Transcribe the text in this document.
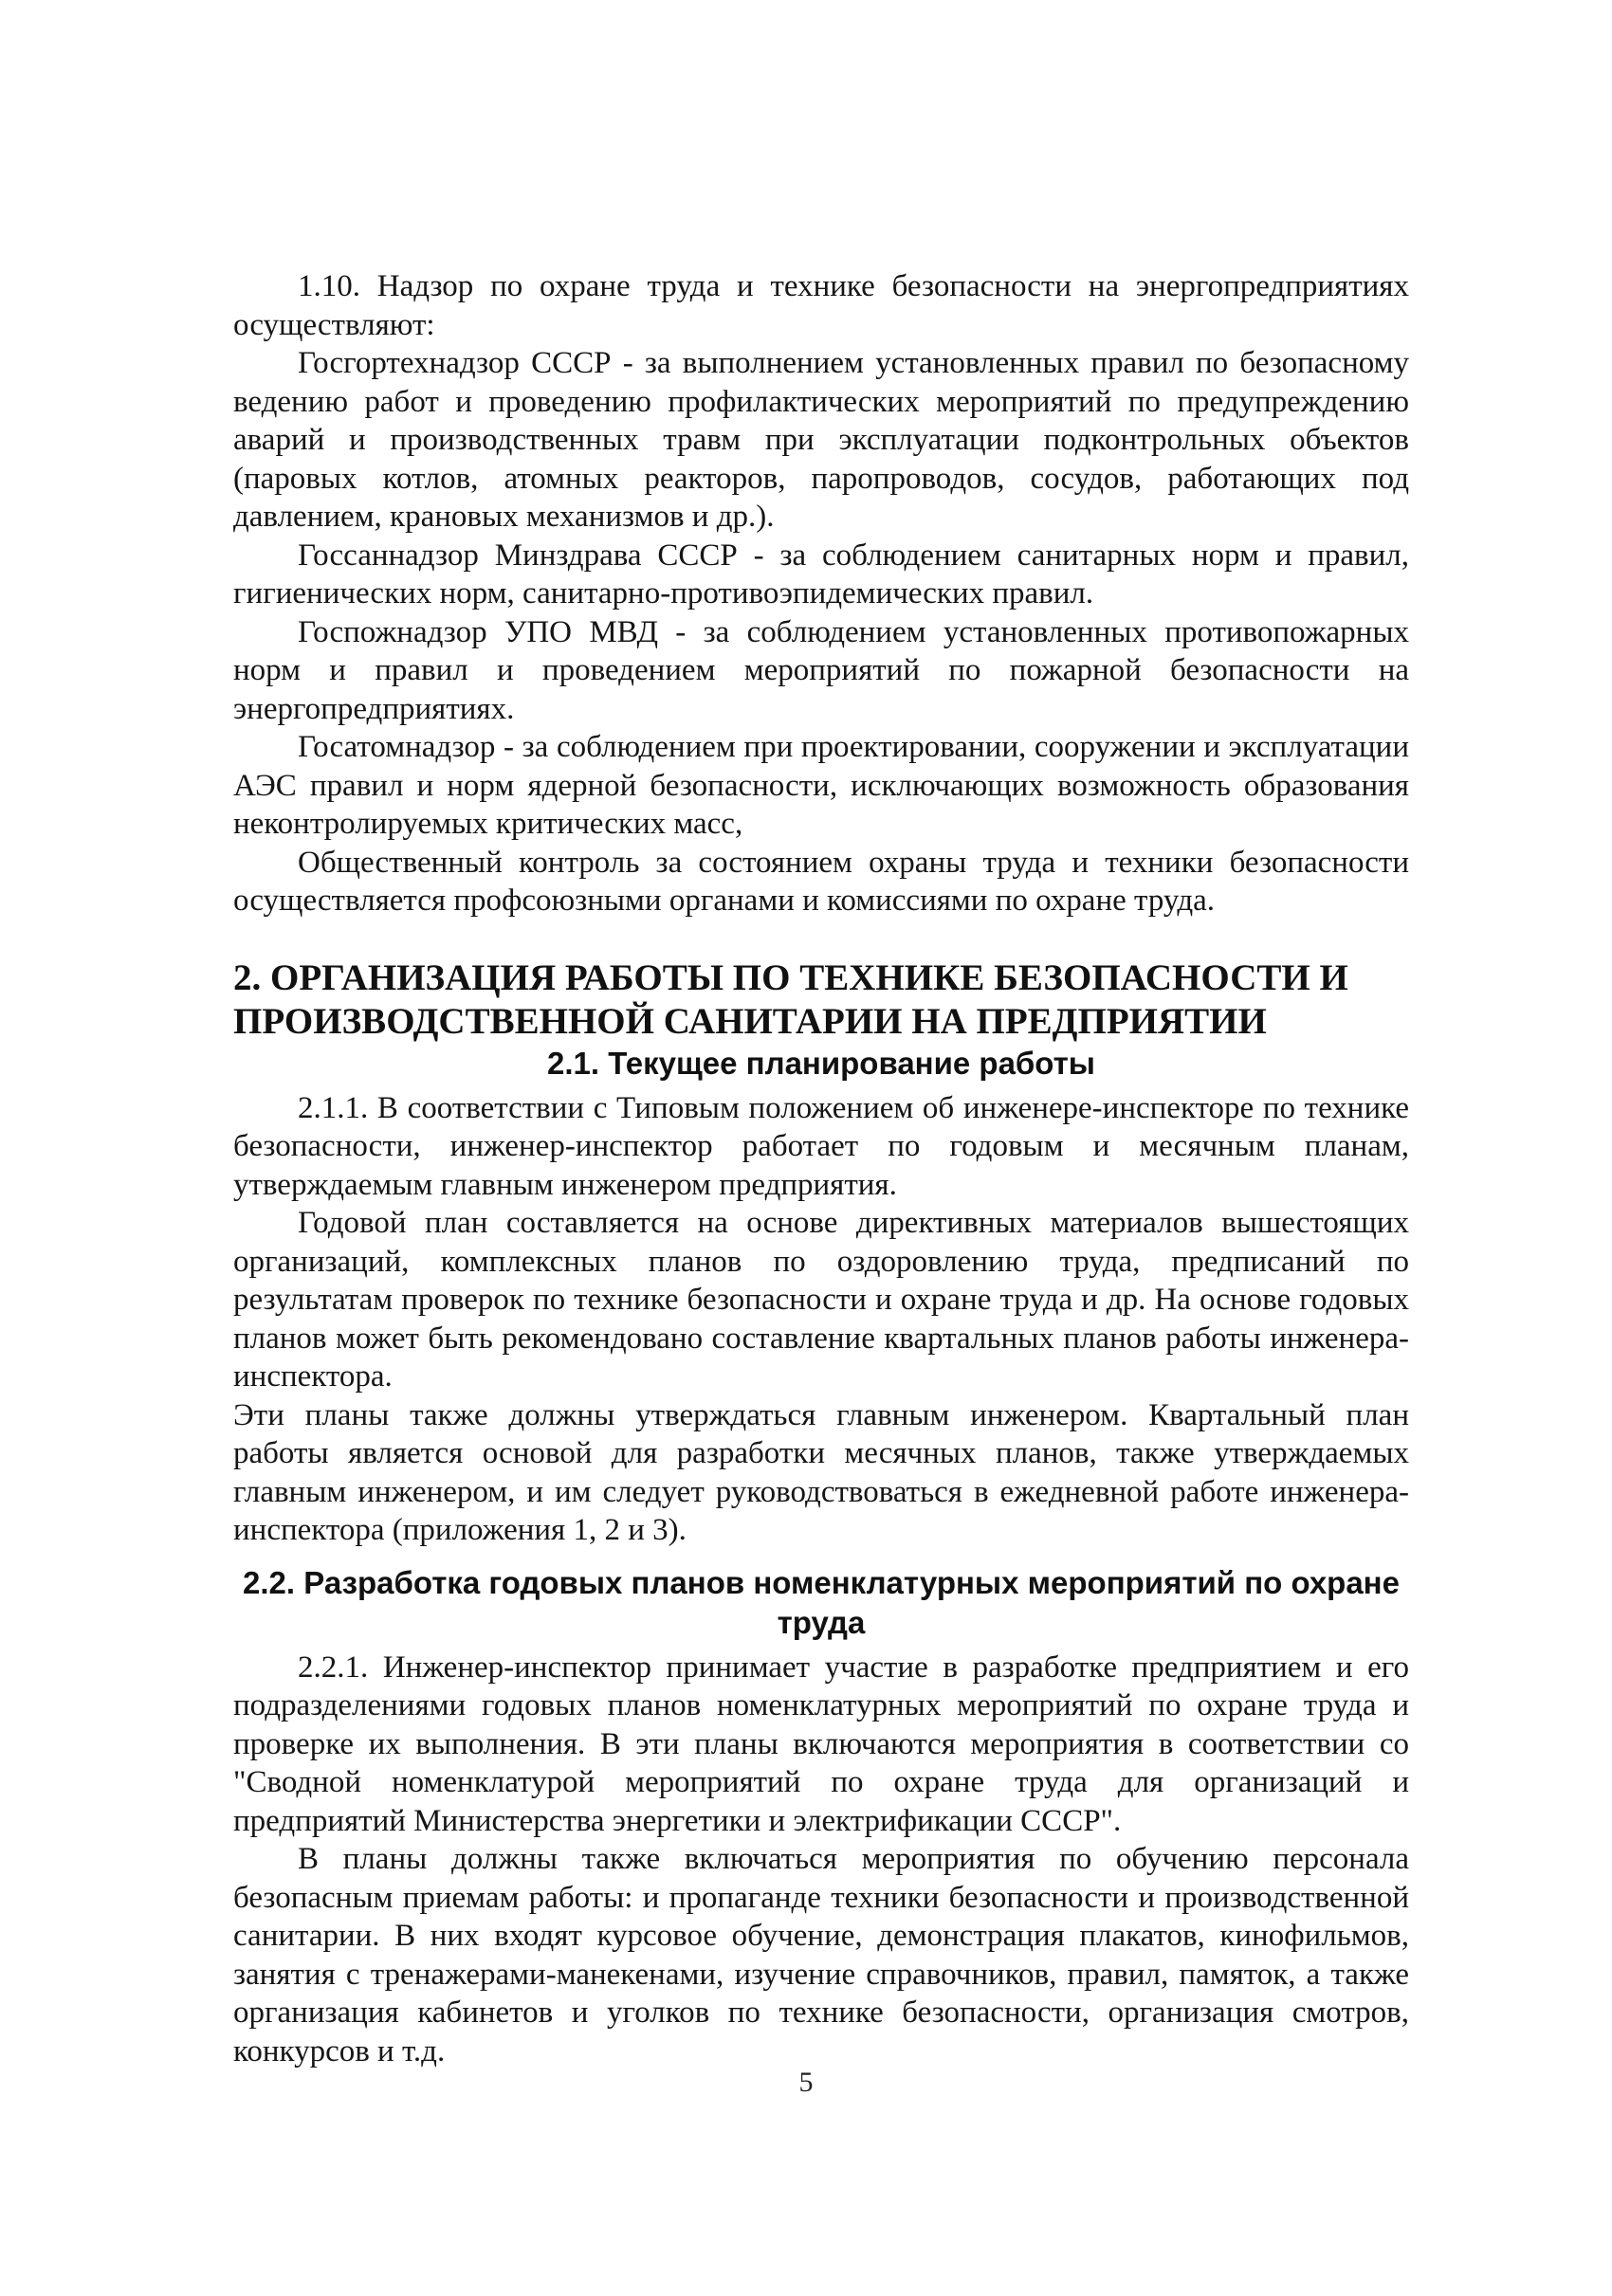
1.10. Надзор по охране труда и технике безопасности на энергопредприятиях осуществляют:

Госгортехнадзор СССР - за выполнением установленных правил по безопасному ведению работ и проведению профилактических мероприятий по предупреждению аварий и производственных травм при эксплуатации подконтрольных объектов (паровых котлов, атомных реакторов, паропроводов, сосудов, работающих под давлением, крановых механизмов и др.).

Госсаннадзор Минздрава СССР - за соблюдением санитарных норм и правил, гигиенических норм, санитарно-противоэпидемических правил.

Госпожнадзор УПО МВД - за соблюдением установленных противопожарных норм и правил и проведением мероприятий по пожарной безопасности на энергопредприятиях.

Госатомнадзор - за соблюдением при проектировании, сооружении и эксплуатации АЭС правил и норм ядерной безопасности, исключающих возможность образования неконтролируемых критических масс,

Общественный контроль за состоянием охраны труда и техники безопасности осуществляется профсоюзными органами и комиссиями по охране труда.

2. ОРГАНИЗАЦИЯ РАБОТЫ ПО ТЕХНИКЕ БЕЗОПАСНОСТИ И ПРОИЗВОДСТВЕННОЙ САНИТАРИИ НА ПРЕДПРИЯТИИ
2.1. Текущее планирование работы

2.1.1. В соответствии с Типовым положением об инженере-инспекторе по технике безопасности, инженер-инспектор работает по годовым и месячным планам, утверждаемым главным инженером предприятия.

Годовой план составляется на основе директивных материалов вышестоящих организаций, комплексных планов по оздоровлению труда, предписаний по результатам проверок по технике безопасности и охране труда и др. На основе годовых планов может быть рекомендовано составление квартальных планов работы инженера-инспектора.

Эти планы также должны утверждаться главным инженером. Квартальный план работы является основой для разработки месячных планов, также утверждаемых главным инженером, и им следует руководствоваться в ежедневной работе инженера-инспектора (приложения 1, 2 и 3).

2.2. Разработка годовых планов номенклатурных мероприятий по охране труда

2.2.1. Инженер-инспектор принимает участие в разработке предприятием и его подразделениями годовых планов номенклатурных мероприятий по охране труда и проверке их выполнения. В эти планы включаются мероприятия в соответствии со "Сводной номенклатурой мероприятий по охране труда для организаций и предприятий Министерства энергетики и электрификации СССР".

В планы должны также включаться мероприятия по обучению персонала безопасным приемам работы: и пропаганде техники безопасности и производственной санитарии. В них входят курсовое обучение, демонстрация плакатов, кинофильмов, занятия с тренажерами-манекенами, изучение справочников, правил, памяток, а также организация кабинетов и уголков по технике безопасности, организация смотров, конкурсов и т.д.

5
